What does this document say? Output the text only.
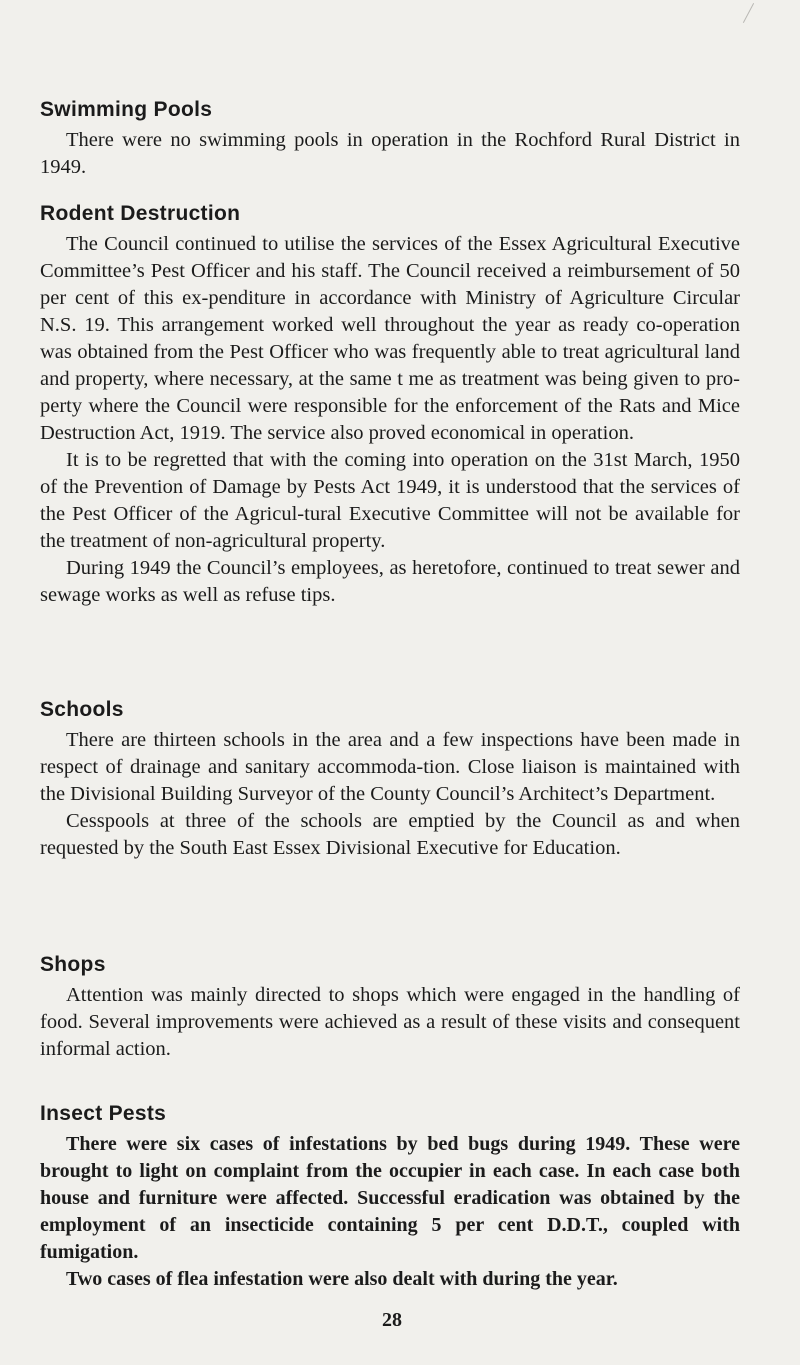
Swimming Pools

There were no swimming pools in operation in the Rochford Rural District in 1949.

Rodent Destruction

The Council continued to utilise the services of the Essex Agricultural Executive Committee’s Pest Officer and his staff. The Council received a reimbursement of 50 per cent of this ex-penditure in accordance with Ministry of Agriculture Circular N.S. 19. This arrangement worked well throughout the year as ready co-operation was obtained from the Pest Officer who was frequently able to treat agricultural land and property, where necessary, at the same t me as treatment was being given to pro-perty where the Council were responsible for the enforcement of the Rats and Mice Destruction Act, 1919. The service also proved economical in operation.

It is to be regretted that with the coming into operation on the 31st March, 1950 of the Prevention of Damage by Pests Act 1949, it is understood that the services of the Pest Officer of the Agricul-tural Executive Committee will not be available for the treatment of non-agricultural property.

During 1949 the Council’s employees, as heretofore, continued to treat sewer and sewage works as well as refuse tips.

Schools

There are thirteen schools in the area and a few inspections have been made in respect of drainage and sanitary accommoda-tion. Close liaison is maintained with the Divisional Building Surveyor of the County Council’s Architect’s Department.

Cesspools at three of the schools are emptied by the Council as and when requested by the South East Essex Divisional Executive for Education.

Shops

Attention was mainly directed to shops which were engaged in the handling of food. Several improvements were achieved as a result of these visits and consequent informal action.

Insect Pests

There were six cases of infestations by bed bugs during 1949. These were brought to light on complaint from the occupier in each case. In each case both house and furniture were affected. Successful eradication was obtained by the employment of an insecticide containing 5 per cent D.D.T., coupled with fumigation.

Two cases of flea infestation were also dealt with during the year.

28
